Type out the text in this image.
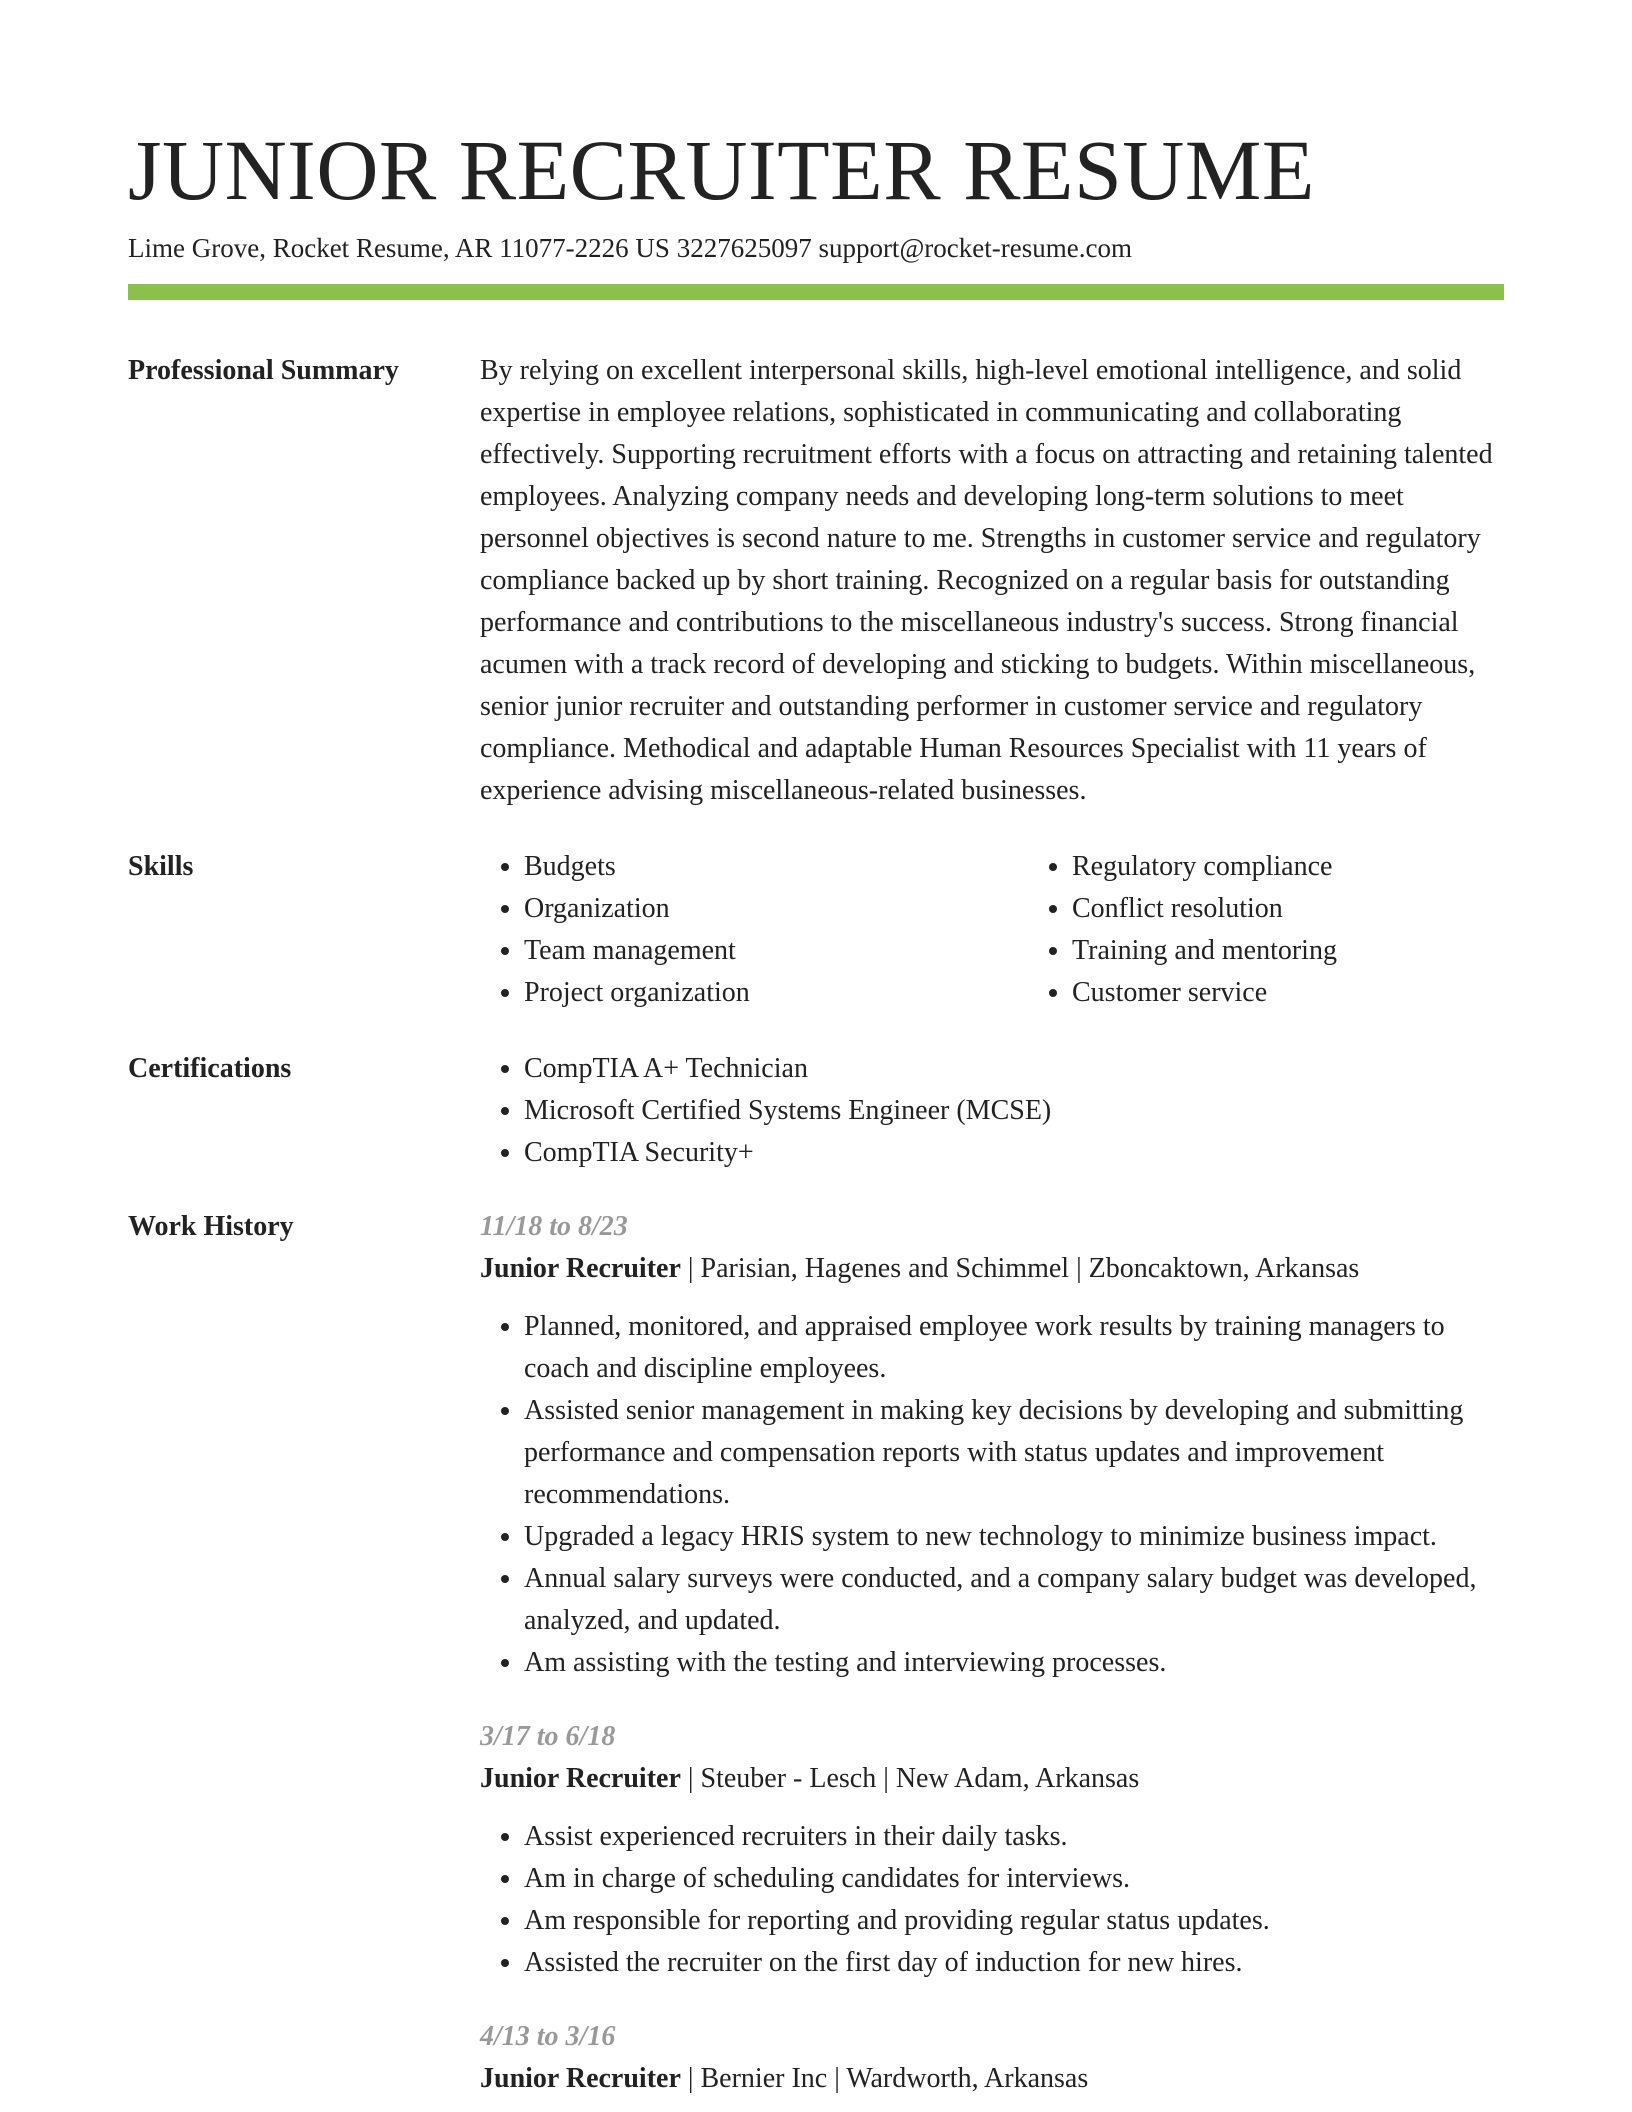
JUNIOR RECRUITER RESUME
Lime Grove, Rocket Resume, AR 11077-2226 US 3227625097 support@rocket-resume.com
Professional Summary	By relying on excellent interpersonal skills, high-level emotional intelligence, and solid expertise in employee relations, sophisticated in communicating and collaborating effectively. Supporting recruitment efforts with a focus on attracting and retaining talented employees. Analyzing company needs and developing long-term solutions to meet personnel objectives is second nature to me. Strengths in customer service and regulatory compliance backed up by short training. Recognized on a regular basis for outstanding performance and contributions to the miscellaneous industry's success. Strong financial acumen with a track record of developing and sticking to budgets. Within miscellaneous, senior junior recruiter and outstanding performer in customer service and regulatory compliance. Methodical and adaptable Human Resources Specialist with 11 years of experience advising miscellaneous-related businesses.
Skills	• Budgets
• Organization
• Team management
• Project organization
• Regulatory compliance
• Conflict resolution
• Training and mentoring
• Customer service
Certifications	• CompTIA A+ Technician
• Microsoft Certified Systems Engineer (MCSE)
• CompTIA Security+
Work History	11/18 to 8/23
Junior Recruiter | Parisian, Hagenes and Schimmel | Zboncaktown, Arkansas
• Planned, monitored, and appraised employee work results by training managers to coach and discipline employees.
• Assisted senior management in making key decisions by developing and submitting performance and compensation reports with status updates and improvement recommendations.
• Upgraded a legacy HRIS system to new technology to minimize business impact.
• Annual salary surveys were conducted, and a company salary budget was developed, analyzed, and updated.
• Am assisting with the testing and interviewing processes.
3/17 to 6/18
Junior Recruiter | Steuber - Lesch | New Adam, Arkansas
• Assist experienced recruiters in their daily tasks.
• Am in charge of scheduling candidates for interviews.
• Am responsible for reporting and providing regular status updates.
• Assisted the recruiter on the first day of induction for new hires.
4/13 to 3/16
Junior Recruiter | Bernier Inc | Wardworth, Arkansas
